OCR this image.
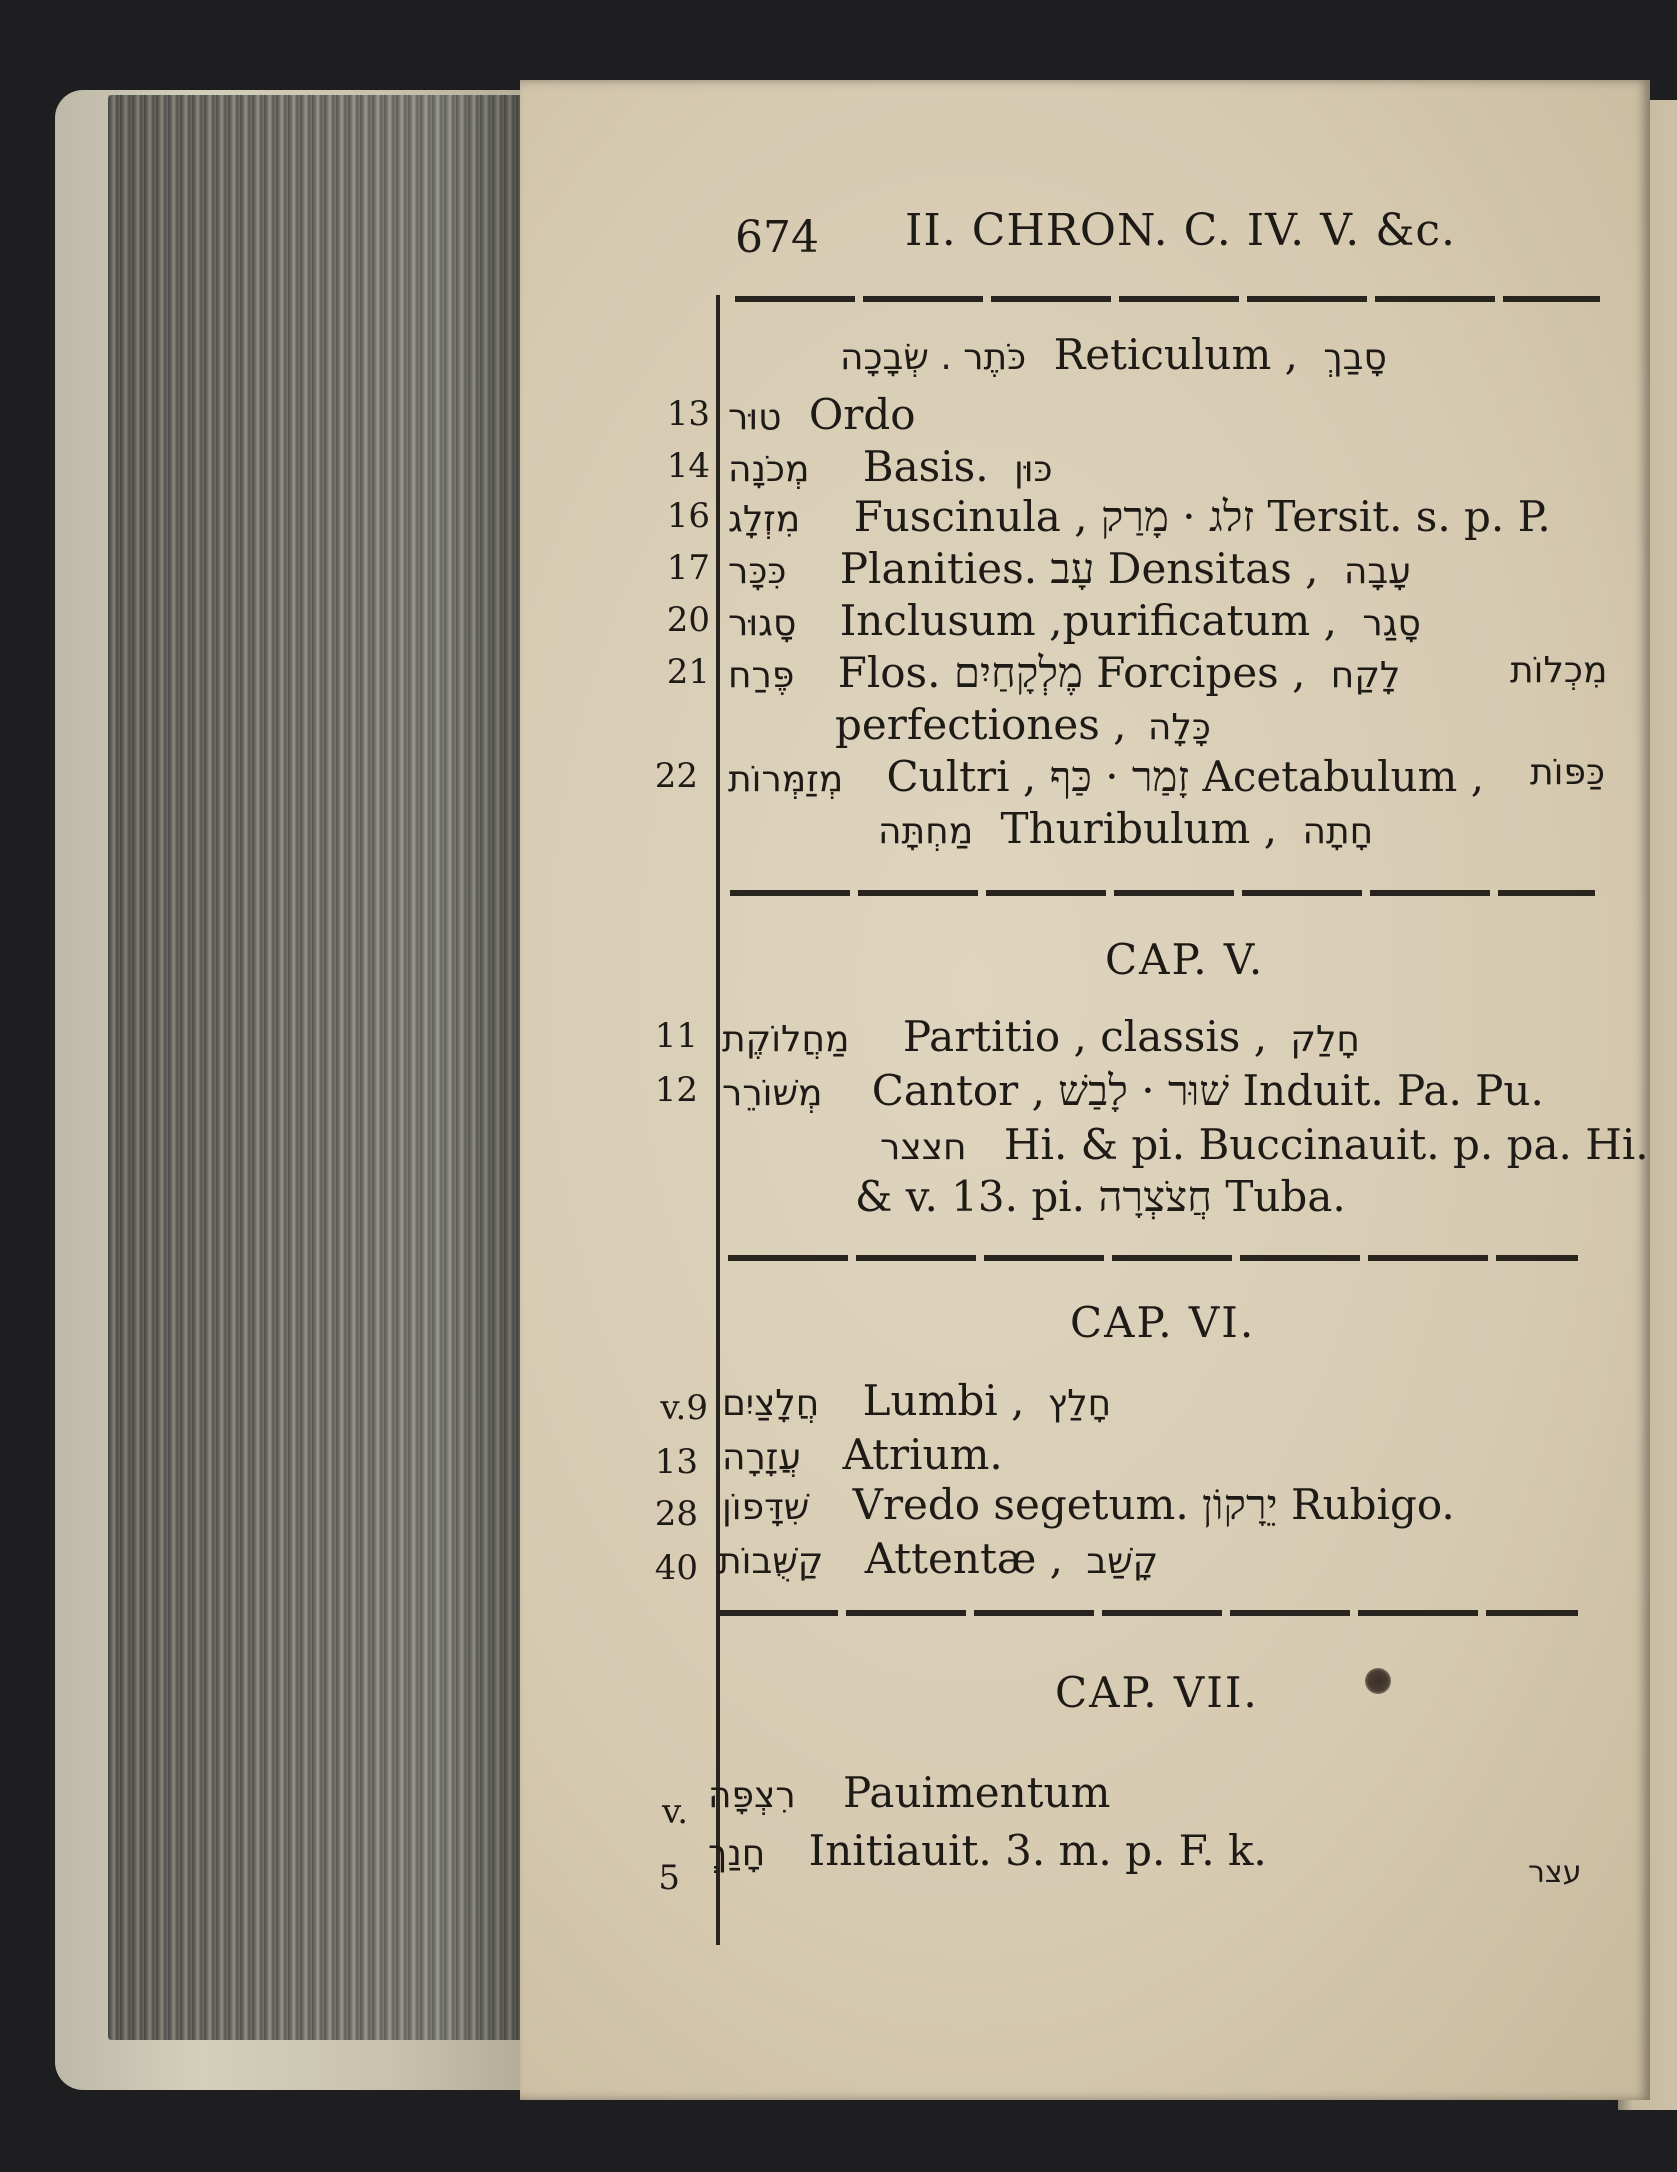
674 II. CHRON. C. IV. V. &c.
כֹּתֶר . שְׂבָכָה Reticulum , סָבַךְ
13 טוּר Ordo
14 מְכֹנָה Basis. כּוּן
16 מִזְלָג Fuscinula , זלג · מָרַק Tersit. s. p. P.
17 כִּכָּר Planities. עָב Densitas , עָבָה
20 סָגוּר Inclusum ,purificatum , סָגַר
21 פֶּרַח Flos. מֶלְקָחַיִם Forcipes , לָקַח	מִכְלוֹת
perfectiones , כָּלָה
22 מְזַמְּרוֹת Cultri , זָמַר · כַּף Acetabulum , כַּפּוֹת
מַחְתָּה Thuribulum , חָתָה
CAP. V.
11 מַחֲלוֹקֶת Partitio , classis , חָלַק
12 מְשׁוֹרֵר Cantor , שׁוּר · לָבַשׁ Induit. Pa. Pu.
חצצר Hi. & pi. Buccinauit. p. pa. Hi.
& v. 13. pi. חֲצֹצְרָה Tuba.
CAP. VI.
v.9 חֲלָצַיִם Lumbi , חָלַץ
13 עֲזָרָה Atrium.
28 שִׁדָּפוֹן Vredo segetum. יֵרָקוֹן Rubigo.
40 קַשֻּׁבוֹת Attentæ , קָשַׁב
CAP. VII.
v. רִצְפָּה Pauimentum
5
חָנַךְ Initiauit. 3. m. p. F. k.	עצר
